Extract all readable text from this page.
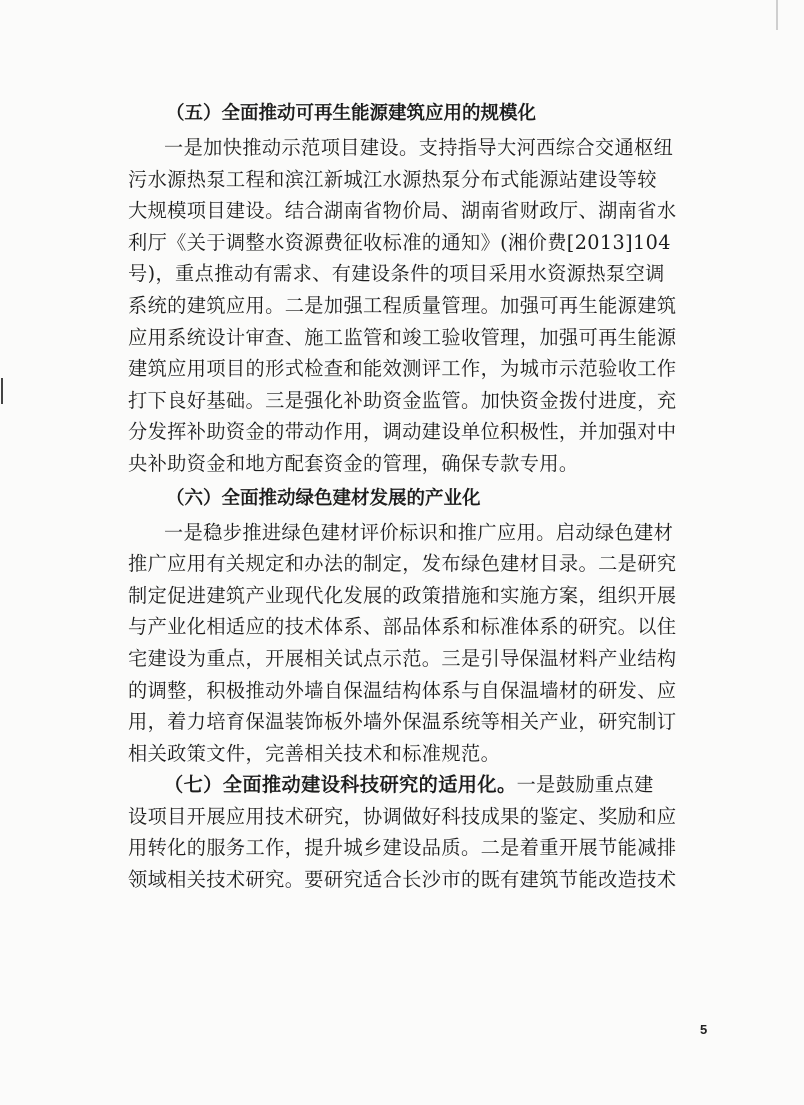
（五）全面推动可再生能源建筑应用的规模化

一是加快推动示范项目建设。支持指导大河西综合交通枢纽

污水源热泵工程和滨江新城江水源热泵分布式能源站建设等较

大规模项目建设。结合湖南省物价局、湖南省财政厅、湖南省水

利厅《关于调整水资源费征收标准的通知》(湘价费[2013]104

号)，重点推动有需求、有建设条件的项目采用水资源热泵空调

系统的建筑应用。二是加强工程质量管理。加强可再生能源建筑

应用系统设计审查、施工监管和竣工验收管理，加强可再生能源

建筑应用项目的形式检查和能效测评工作，为城市示范验收工作

打下良好基础。三是强化补助资金监管。加快资金拨付进度，充

分发挥补助资金的带动作用，调动建设单位积极性，并加强对中

央补助资金和地方配套资金的管理，确保专款专用。

（六）全面推动绿色建材发展的产业化

一是稳步推进绿色建材评价标识和推广应用。启动绿色建材

推广应用有关规定和办法的制定，发布绿色建材目录。二是研究

制定促进建筑产业现代化发展的政策措施和实施方案，组织开展

与产业化相适应的技术体系、部品体系和标准体系的研究。以住

宅建设为重点，开展相关试点示范。三是引导保温材料产业结构

的调整，积极推动外墙自保温结构体系与自保温墙材的研发、应

用，着力培育保温装饰板外墙外保温系统等相关产业，研究制订

相关政策文件，完善相关技术和标准规范。

（七）全面推动建设科技研究的适用化。一是鼓励重点建

设项目开展应用技术研究，协调做好科技成果的鉴定、奖励和应

用转化的服务工作，提升城乡建设品质。二是着重开展节能减排

领域相关技术研究。要研究适合长沙市的既有建筑节能改造技术

5
